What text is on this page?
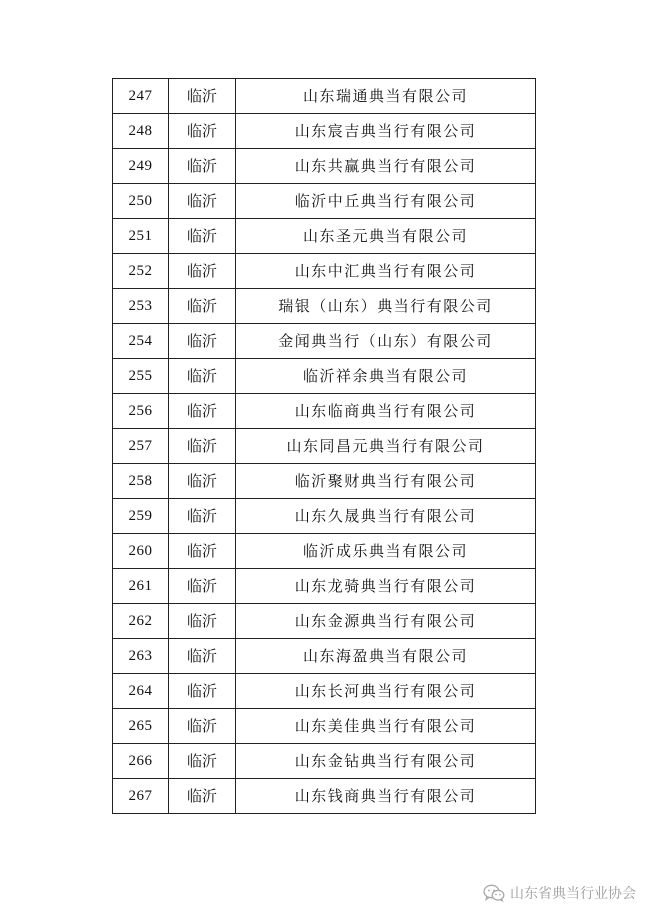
247	临沂	山东瑞通典当有限公司
248	临沂	山东宸吉典当行有限公司
249	临沂	山东共赢典当行有限公司
250	临沂	临沂中丘典当行有限公司
251	临沂	山东圣元典当有限公司
252	临沂	山东中汇典当行有限公司
253	临沂	瑞银（山东）典当行有限公司
254	临沂	金闻典当行（山东）有限公司
255	临沂	临沂祥余典当有限公司
256	临沂	山东临商典当行有限公司
257	临沂	山东同昌元典当行有限公司
258	临沂	临沂聚财典当行有限公司
259	临沂	山东久晟典当行有限公司
260	临沂	临沂成乐典当有限公司
261	临沂	山东龙骑典当行有限公司
262	临沂	山东金源典当行有限公司
263	临沂	山东海盈典当有限公司
264	临沂	山东长河典当行有限公司
265	临沂	山东美佳典当行有限公司
266	临沂	山东金钻典当行有限公司
267	临沂	山东钱商典当行有限公司
山东省典当行业协会
